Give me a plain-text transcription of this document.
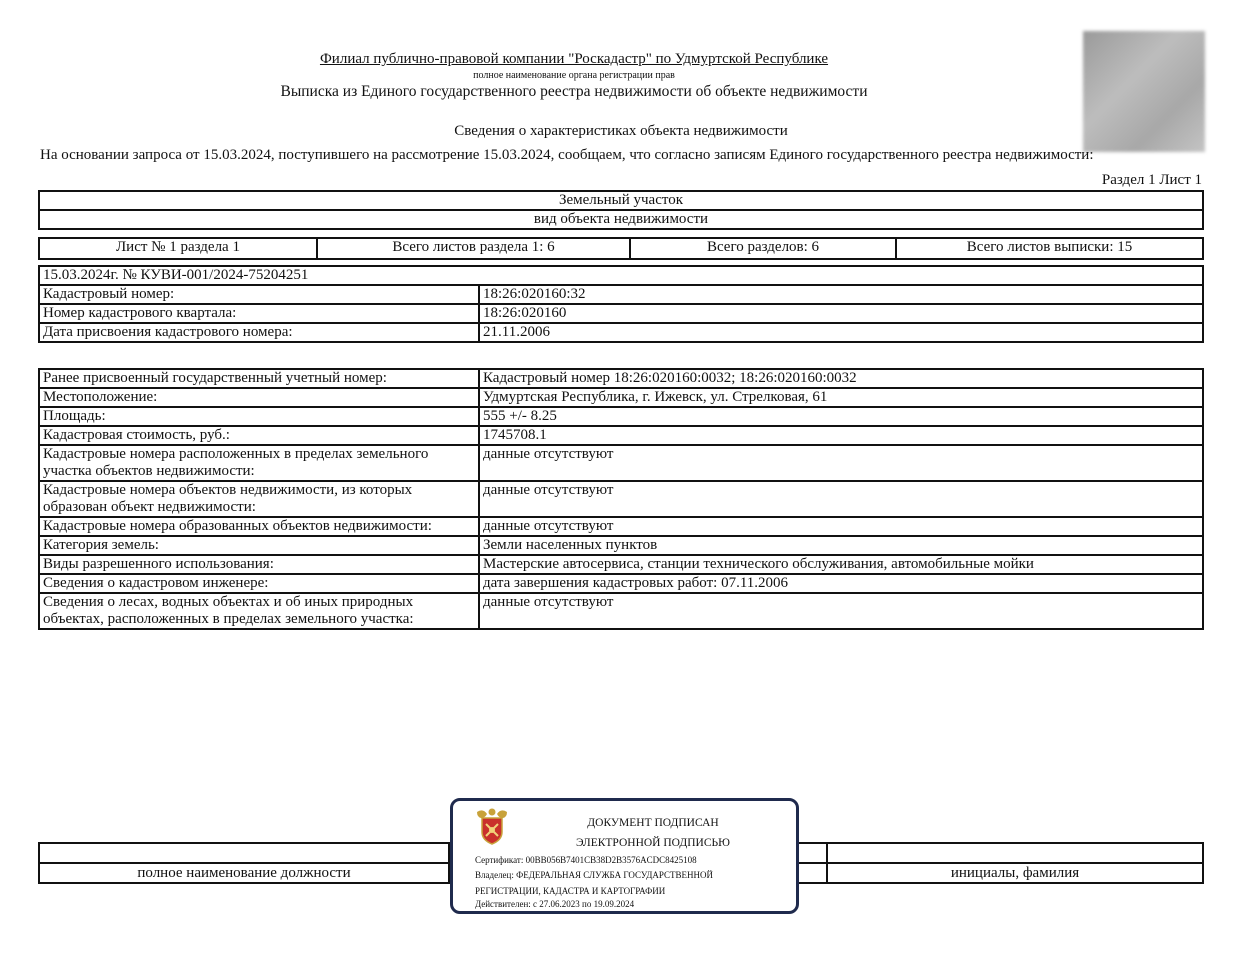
Филиал публично-правовой компании "Роскадастр" по Удмуртской Республике
полное наименование органа регистрации прав
Выписка из Единого государственного реестра недвижимости об объекте недвижимости
Сведения о характеристиках объекта недвижимости
На основании запроса от 15.03.2024, поступившего на рассмотрение 15.03.2024, сообщаем, что согласно записям Единого государственного реестра недвижимости:
Раздел 1 Лист 1
Земельный участок
вид объекта недвижимости
Лист № 1 раздела 1	Всего листов раздела 1: 6	Всего разделов: 6	Всего листов выписки: 15
15.03.2024г. № КУВИ-001/2024-75204251	
Кадастровый номер:	18:26:020160:32
Номер кадастрового квартала:	18:26:020160
Дата присвоения кадастрового номера:	21.11.2006
Ранее присвоенный государственный учетный номер:	Кадастровый номер 18:26:020160:0032; 18:26:020160:0032
Местоположение:	Удмуртская Республика, г. Ижевск, ул. Стрелковая, 61
Площадь:	555 +/- 8.25
Кадастровая стоимость, руб.:	1745708.1
Кадастровые номера расположенных в пределах земельного участка объектов недвижимости:	данные отсутствуют
Кадастровые номера объектов недвижимости, из которых образован объект недвижимости:	данные отсутствуют
Кадастровые номера образованных объектов недвижимости:	данные отсутствуют
Категория земель:	Земли населенных пунктов
Виды разрешенного использования:	Мастерские автосервиса, станции технического обслуживания, автомобильные мойки
Сведения о кадастровом инженере:	дата завершения кадастровых работ: 07.11.2006
Сведения о лесах, водных объектах и об иных природных объектах, расположенных в пределах земельного участка:	данные отсутствуют

полное наименование должности		инициалы, фамилия
ДОКУМЕНТ ПОДПИСАН
ЭЛЕКТРОННОЙ ПОДПИСЬЮ
Сертификат: 00BB056B7401CB38D2B3576ACDC8425108
Владелец: ФЕДЕРАЛЬНАЯ СЛУЖБА ГОСУДАРСТВЕННОЙ
РЕГИСТРАЦИИ, КАДАСТРА И КАРТОГРАФИИ
Действителен: с 27.06.2023 по 19.09.2024
